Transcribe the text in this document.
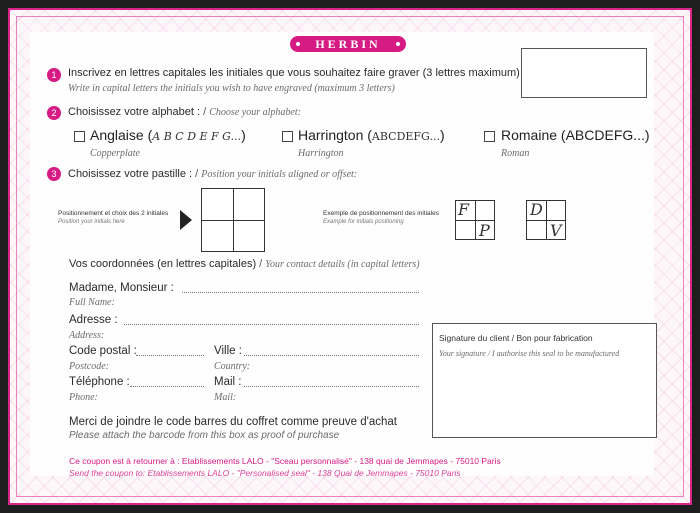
HERBIN
1	Inscrivez en lettres capitales les initiales que vous souhaitez faire graver (3 lettres maximum)
Write in capital letters the initials you wish to have engraved (maximum 3 letters)
2	Choisissez votre alphabet : / Choose your alphabet:
Anglaise (A B C D E F G...)
Copperplate
Harrington (ABCDEFG...)
Harrington
Romaine (ABCDEFG...)
Roman
3	Choisissez votre pastille : / Position your initials aligned or offset:
Positionnement et choix des 2 initiales
Position your initials here
Exemple de positionnement des initiales
Example for initials positioning
F
P
D
V
Vos coordonnées (en lettres capitales) / Your contact details (in capital letters)
Madame, Monsieur :
Full Name:
Adresse :
Address:
Code postal :
Postcode:
Ville :
Country:
Téléphone :
Phone:
Mail :
Mail:
Merci de joindre le code barres du coffret comme preuve d'achat
Please attach the barcode from this box as proof of purchase
Signature du client / Bon pour fabrication
Your signature / I authorise this seal to be manufactured
Ce coupon est à retourner à : Etablissements LALO - "Sceau personnalisé" - 138 quai de Jemmapes - 75010 Paris
Send the coupon to: Etablissements LALO - "Personalised seal" - 138 Quai de Jemmapes - 75010 Paris
